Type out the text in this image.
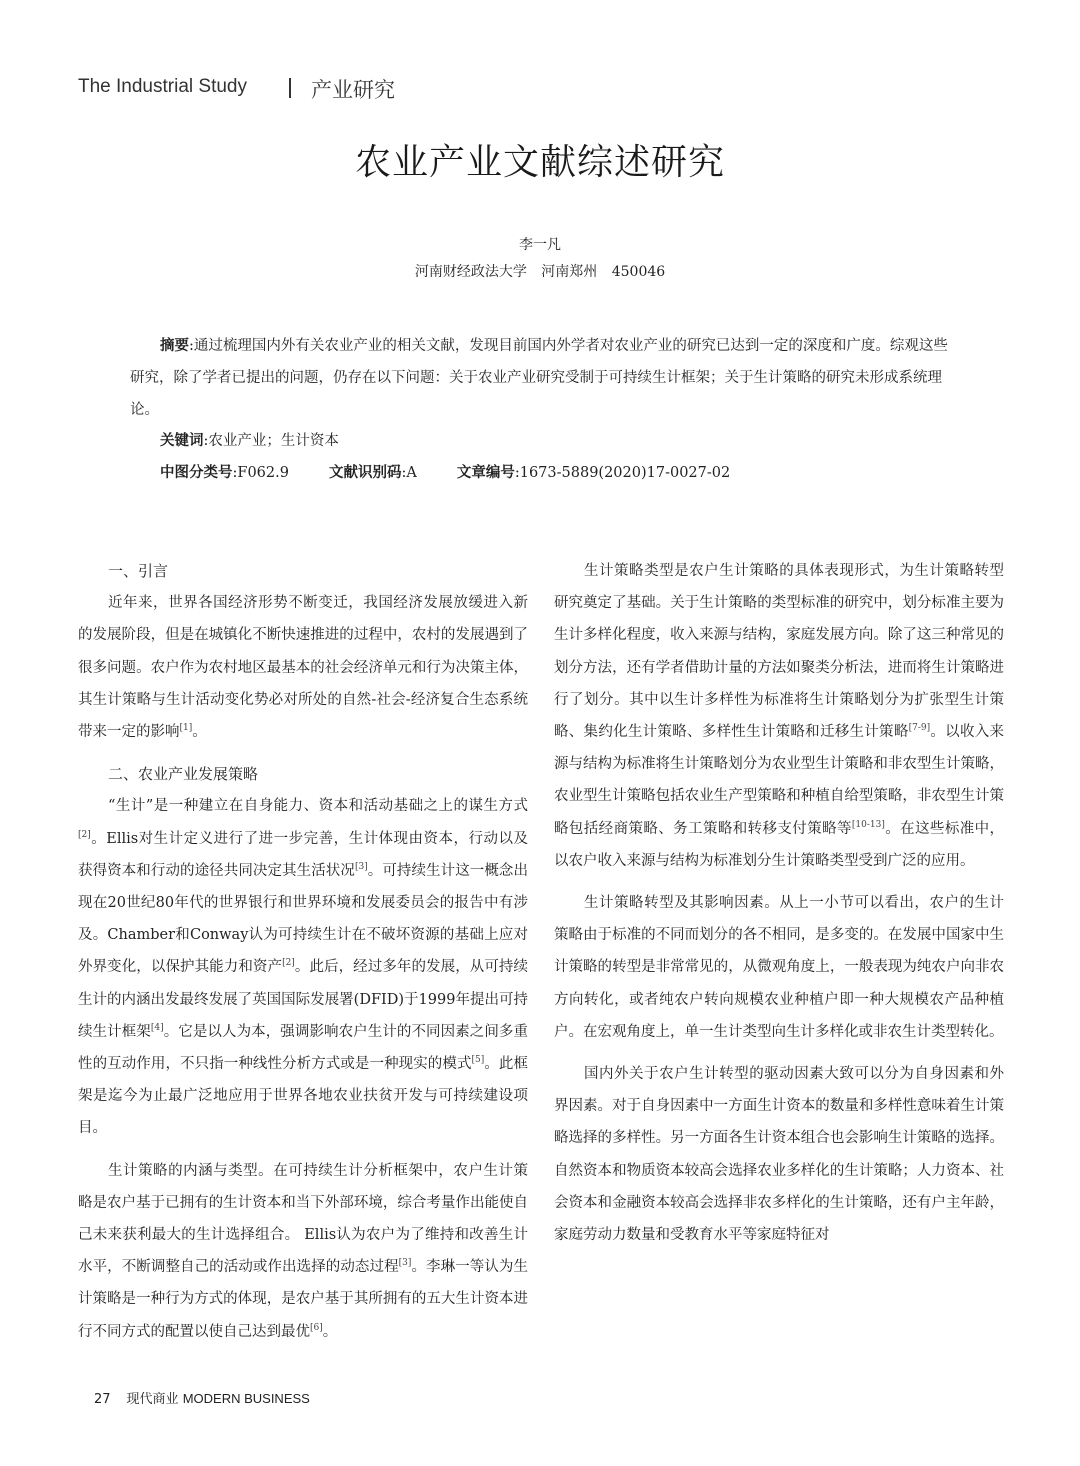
The Industrial Study	产业研究
农业产业文献综述研究
李一凡
河南财经政法大学 河南郑州 450046
摘要:通过梳理国内外有关农业产业的相关文献，发现目前国内外学者对农业产业的研究已达到一定的深度和广度。综观这些研究，除了学者已提出的问题，仍存在以下问题：关于农业产业研究受制于可持续生计框架；关于生计策略的研究未形成系统理论。
关键词:农业产业；生计资本
中图分类号:F062.9	文献识别码:A	文章编号:1673-5889(2020)17-0027-02
一、引言

近年来，世界各国经济形势不断变迁，我国经济发展放缓进入新的发展阶段，但是在城镇化不断快速推进的过程中，农村的发展遇到了很多问题。农户作为农村地区最基本的社会经济单元和行为决策主体，其生计策略与生计活动变化势必对所处的自然-社会-经济复合生态系统带来一定的影响[1]。

二、农业产业发展策略

“生计”是一种建立在自身能力、资本和活动基础之上的谋生方式[2]。Ellis对生计定义进行了进一步完善，生计体现由资本，行动以及获得资本和行动的途径共同决定其生活状况[3]。可持续生计这一概念出现在20世纪80年代的世界银行和世界环境和发展委员会的报告中有涉及。Chamber和Conway认为可持续生计在不破坏资源的基础上应对外界变化，以保护其能力和资产[2]。此后，经过多年的发展，从可持续生计的内涵出发最终发展了英国国际发展署(DFID)于1999年提出可持续生计框架[4]。它是以人为本，强调影响农户生计的不同因素之间多重性的互动作用，不只指一种线性分析方式或是一种现实的模式[5]。此框架是迄今为止最广泛地应用于世界各地农业扶贫开发与可持续建设项目。

生计策略的内涵与类型。在可持续生计分析框架中，农户生计策略是农户基于已拥有的生计资本和当下外部环境，综合考量作出能使自己未来获利最大的生计选择组合。 Ellis认为农户为了维持和改善生计水平，不断调整自己的活动或作出选择的动态过程[3]。李琳一等认为生计策略是一种行为方式的体现，是农户基于其所拥有的五大生计资本进行不同方式的配置以使自己达到最优[6]。

生计策略类型是农户生计策略的具体表现形式，为生计策略转型研究奠定了基础。关于生计策略的类型标准的研究中，划分标准主要为生计多样化程度，收入来源与结构，家庭发展方向。除了这三种常见的划分方法，还有学者借助计量的方法如聚类分析法，进而将生计策略进行了划分。其中以生计多样性为标准将生计策略划分为扩张型生计策略、集约化生计策略、多样性生计策略和迁移生计策略[7-9]。以收入来源与结构为标准将生计策略划分为农业型生计策略和非农型生计策略，农业型生计策略包括农业生产型策略和种植自给型策略，非农型生计策略包括经商策略、务工策略和转移支付策略等[10-13]。在这些标准中，以农户收入来源与结构为标准划分生计策略类型受到广泛的应用。

生计策略转型及其影响因素。从上一小节可以看出，农户的生计策略由于标准的不同而划分的各不相同，是多变的。在发展中国家中生计策略的转型是非常常见的，从微观角度上，一般表现为纯农户向非农方向转化，或者纯农户转向规模农业种植户即一种大规模农产品种植户。在宏观角度上，单一生计类型向生计多样化或非农生计类型转化。

国内外关于农户生计转型的驱动因素大致可以分为自身因素和外界因素。对于自身因素中一方面生计资本的数量和多样性意味着生计策略选择的多样性。另一方面各生计资本组合也会影响生计策略的选择。自然资本和物质资本较高会选择农业多样化的生计策略；人力资本、社会资本和金融资本较高会选择非农多样化的生计策略，还有户主年龄，家庭劳动力数量和受教育水平等家庭特征对

27 现代商业 MODERN BUSINESS
